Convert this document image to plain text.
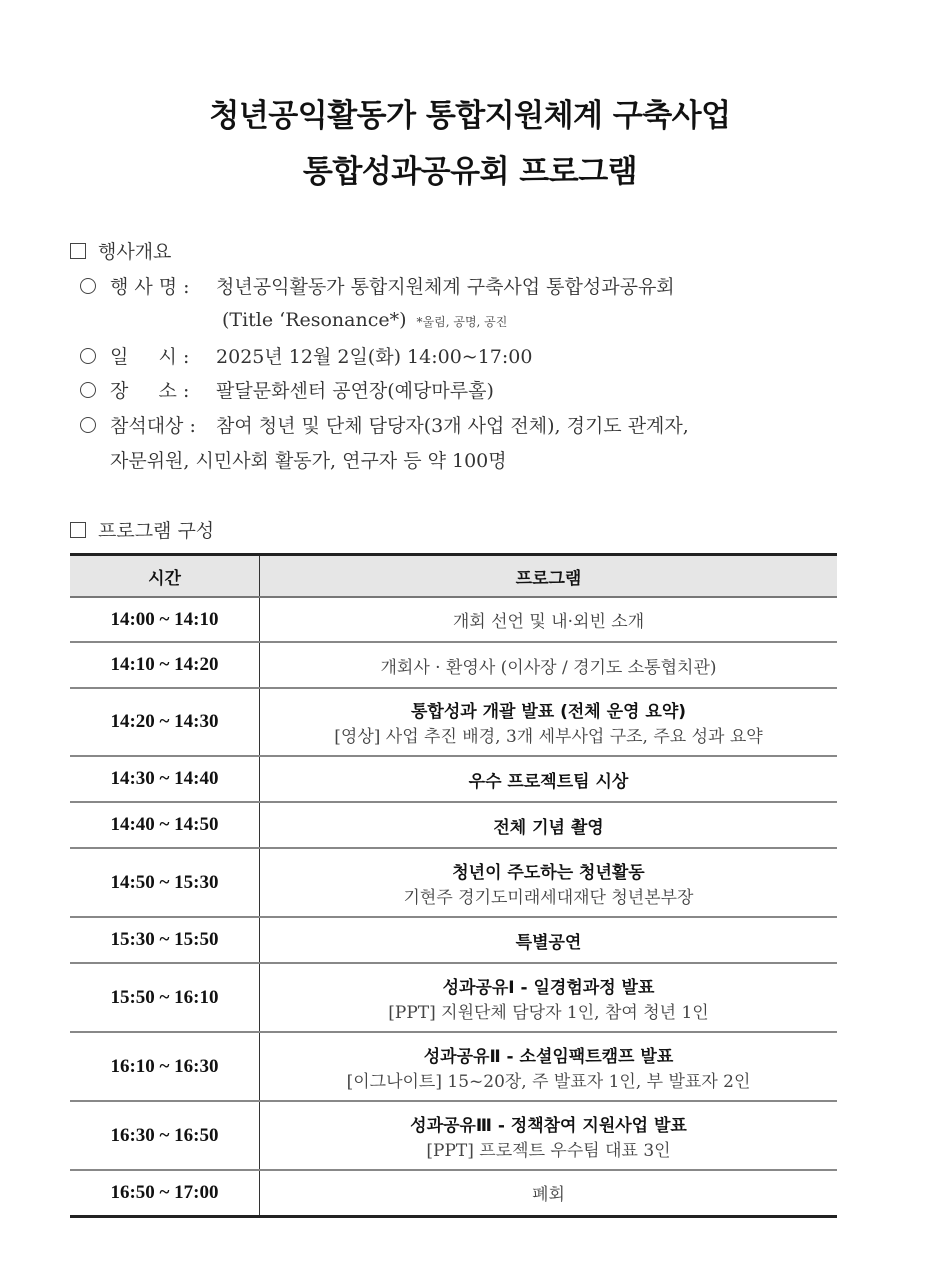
청년공익활동가 통합지원체계 구축사업
통합성과공유회 프로그램
행사개요
행 사 명 : 청년공익활동가 통합지원체계 구축사업 통합성과공유회
(Title ‘Resonance*) *울림, 공명, 공진
일     시 : 2025년 12월 2일(화) 14:00~17:00
장     소 : 팔달문화센터 공연장(예당마루홀)
참석대상 : 참여 청년 및 단체 담당자(3개 사업 전체), 경기도 관계자,
자문위원, 시민사회 활동가, 연구자 등 약 100명
프로그램 구성
시간	프로그램
14:00 ~ 14:10	개회 선언 및 내·외빈 소개

14:10 ~ 14:20	개회사 · 환영사 (이사장 / 경기도 소통협치관)

14:20 ~ 14:30	통합성과 개괄 발표 (전체 운영 요약)
[영상] 사업 추진 배경, 3개 세부사업 구조, 주요 성과 요약

14:30 ~ 14:40	우수 프로젝트팀 시상

14:40 ~ 14:50	전체 기념 촬영

14:50 ~ 15:30	청년이 주도하는 청년활동
기현주 경기도미래세대재단 청년본부장

15:30 ~ 15:50	특별공연

15:50 ~ 16:10	성과공유Ⅰ - 일경험과정 발표
[PPT] 지원단체 담당자 1인, 참여 청년 1인

16:10 ~ 16:30	성과공유Ⅱ - 소셜임팩트캠프 발표
[이그나이트] 15~20장, 주 발표자 1인, 부 발표자 2인

16:30 ~ 16:50	성과공유Ⅲ - 정책참여 지원사업 발표
[PPT] 프로젝트 우수팀 대표 3인

16:50 ~ 17:00	폐회
